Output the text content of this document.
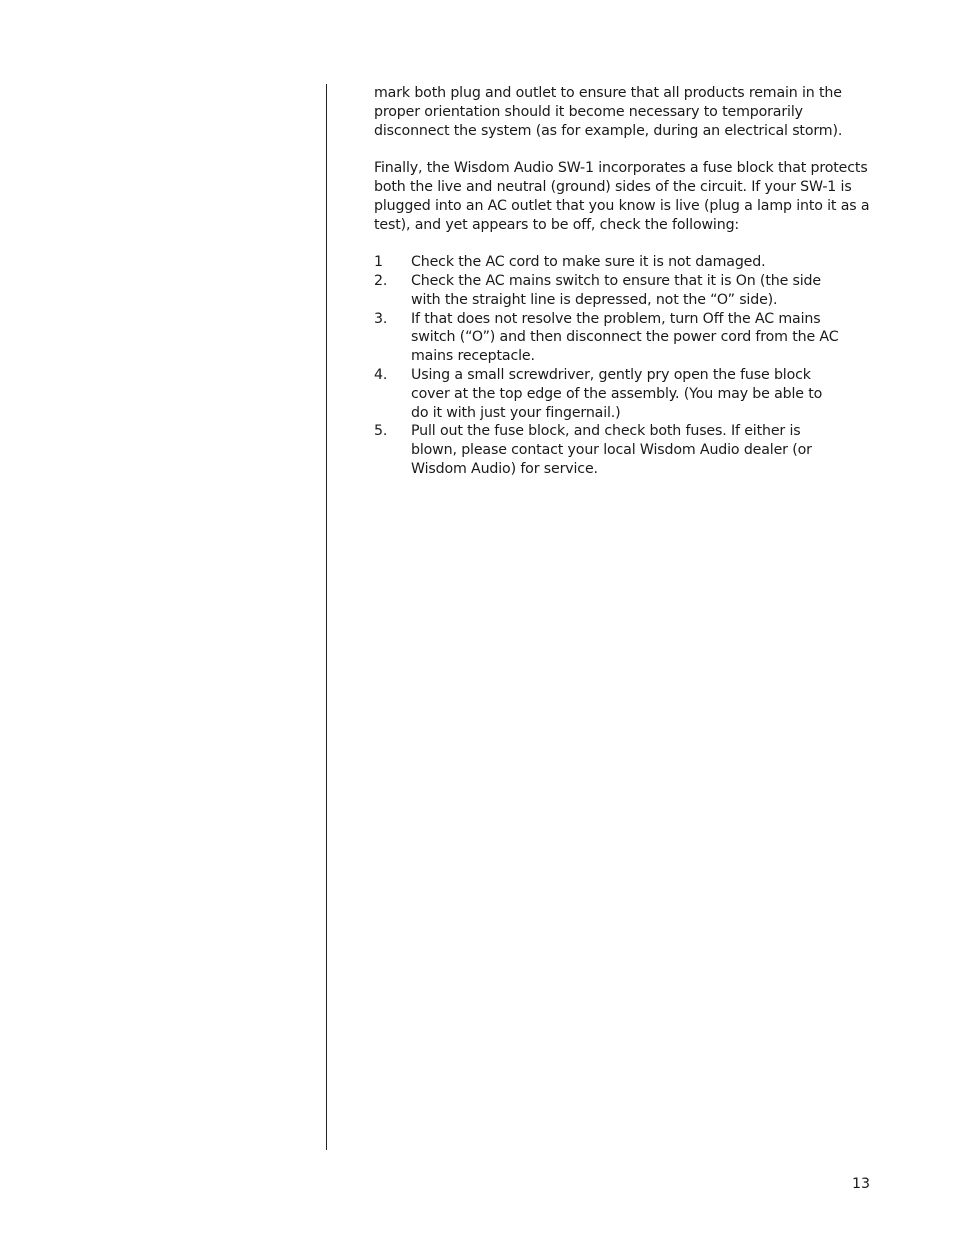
mark both plug and outlet to ensure that all products remain in the proper orientation should it become necessary to temporarily disconnect the system (as for example, during an electrical storm).

Finally, the Wisdom Audio SW-1 incorporates a fuse block that protects both the live and neutral (ground) sides of the circuit. If your SW-1 is plugged into an AC outlet that you know is live (plug a lamp into it as a test), and yet appears to be off, check the following:

1	Check the AC cord to make sure it is not damaged.
2.	Check the AC mains switch to ensure that it is On (the side with the straight line is depressed, not the “O” side).
3.	If that does not resolve the problem, turn Off the AC mains switch (“O”) and then disconnect the power cord from the AC mains receptacle.
4.	Using a small screwdriver, gently pry open the fuse block cover at the top edge of the assembly. (You may be able to do it with just your fingernail.)
5.	Pull out the fuse block, and check both fuses. If either is blown, please contact your local Wisdom Audio dealer (or Wisdom Audio) for service.
13
